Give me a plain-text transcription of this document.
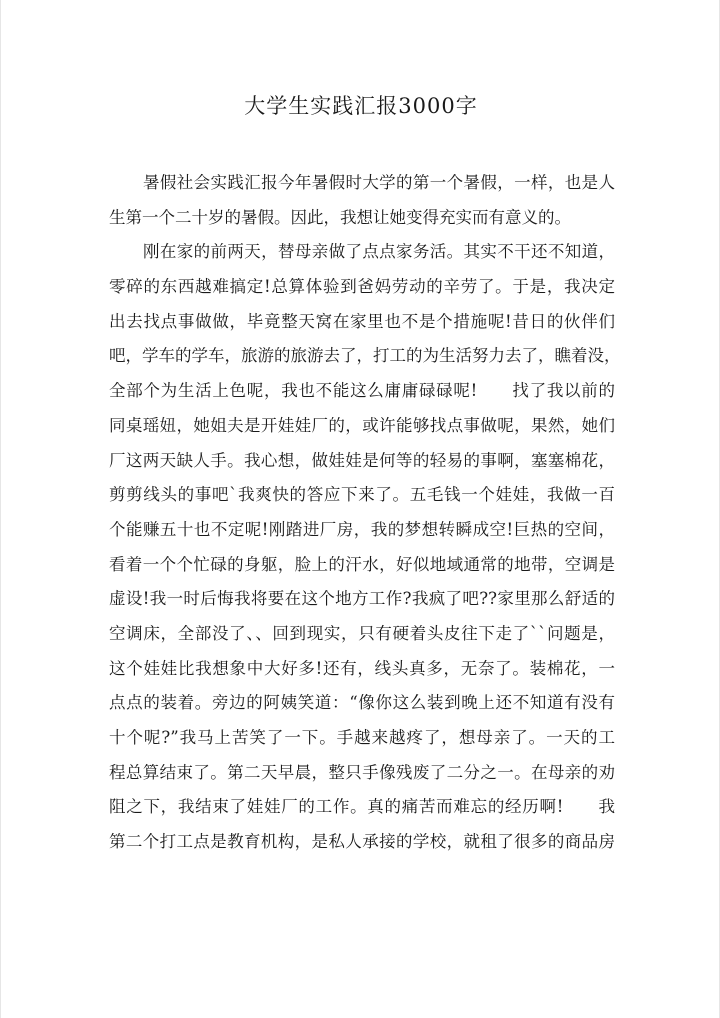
大学生实践汇报3000字
暑假社会实践汇报今年暑假时大学的第一个暑假，一样，也是人
生第一个二十岁的暑假。因此，我想让她变得充实而有意义的。
刚在家的前两天，替母亲做了点点家务活。其实不干还不知道，
零碎的东西越难搞定!总算体验到爸妈劳动的辛劳了。于是，我决定
出去找点事做做，毕竟整天窝在家里也不是个措施呢!昔日的伙伴们
吧，学车的学车，旅游的旅游去了，打工的为生活努力去了，瞧着没，
全部个为生活上色呢，我也不能这么庸庸碌碌呢!　　找了我以前的
同桌瑶妞，她姐夫是开娃娃厂的，或许能够找点事做呢，果然，她们
厂这两天缺人手。我心想，做娃娃是何等的轻易的事啊，塞塞棉花，
剪剪线头的事吧`我爽快的答应下来了。五毛钱一个娃娃，我做一百
个能赚五十也不定呢!刚踏进厂房，我的梦想转瞬成空!巨热的空间，
看着一个个忙碌的身躯，脸上的汗水，好似地域通常的地带，空调是
虚设!我一时后悔我将要在这个地方工作?我疯了吧??家里那么舒适的
空调床，全部没了、、回到现实，只有硬着头皮往下走了``问题是，
这个娃娃比我想象中大好多!还有，线头真多，无奈了。装棉花，一
点点的装着。旁边的阿姨笑道：“像你这么装到晚上还不知道有没有
十个呢?”我马上苦笑了一下。手越来越疼了，想母亲了。一天的工
程总算结束了。第二天早晨，整只手像残废了二分之一。在母亲的劝
阻之下，我结束了娃娃厂的工作。真的痛苦而难忘的经历啊!　　我
第二个打工点是教育机构，是私人承接的学校，就租了很多的商品房
